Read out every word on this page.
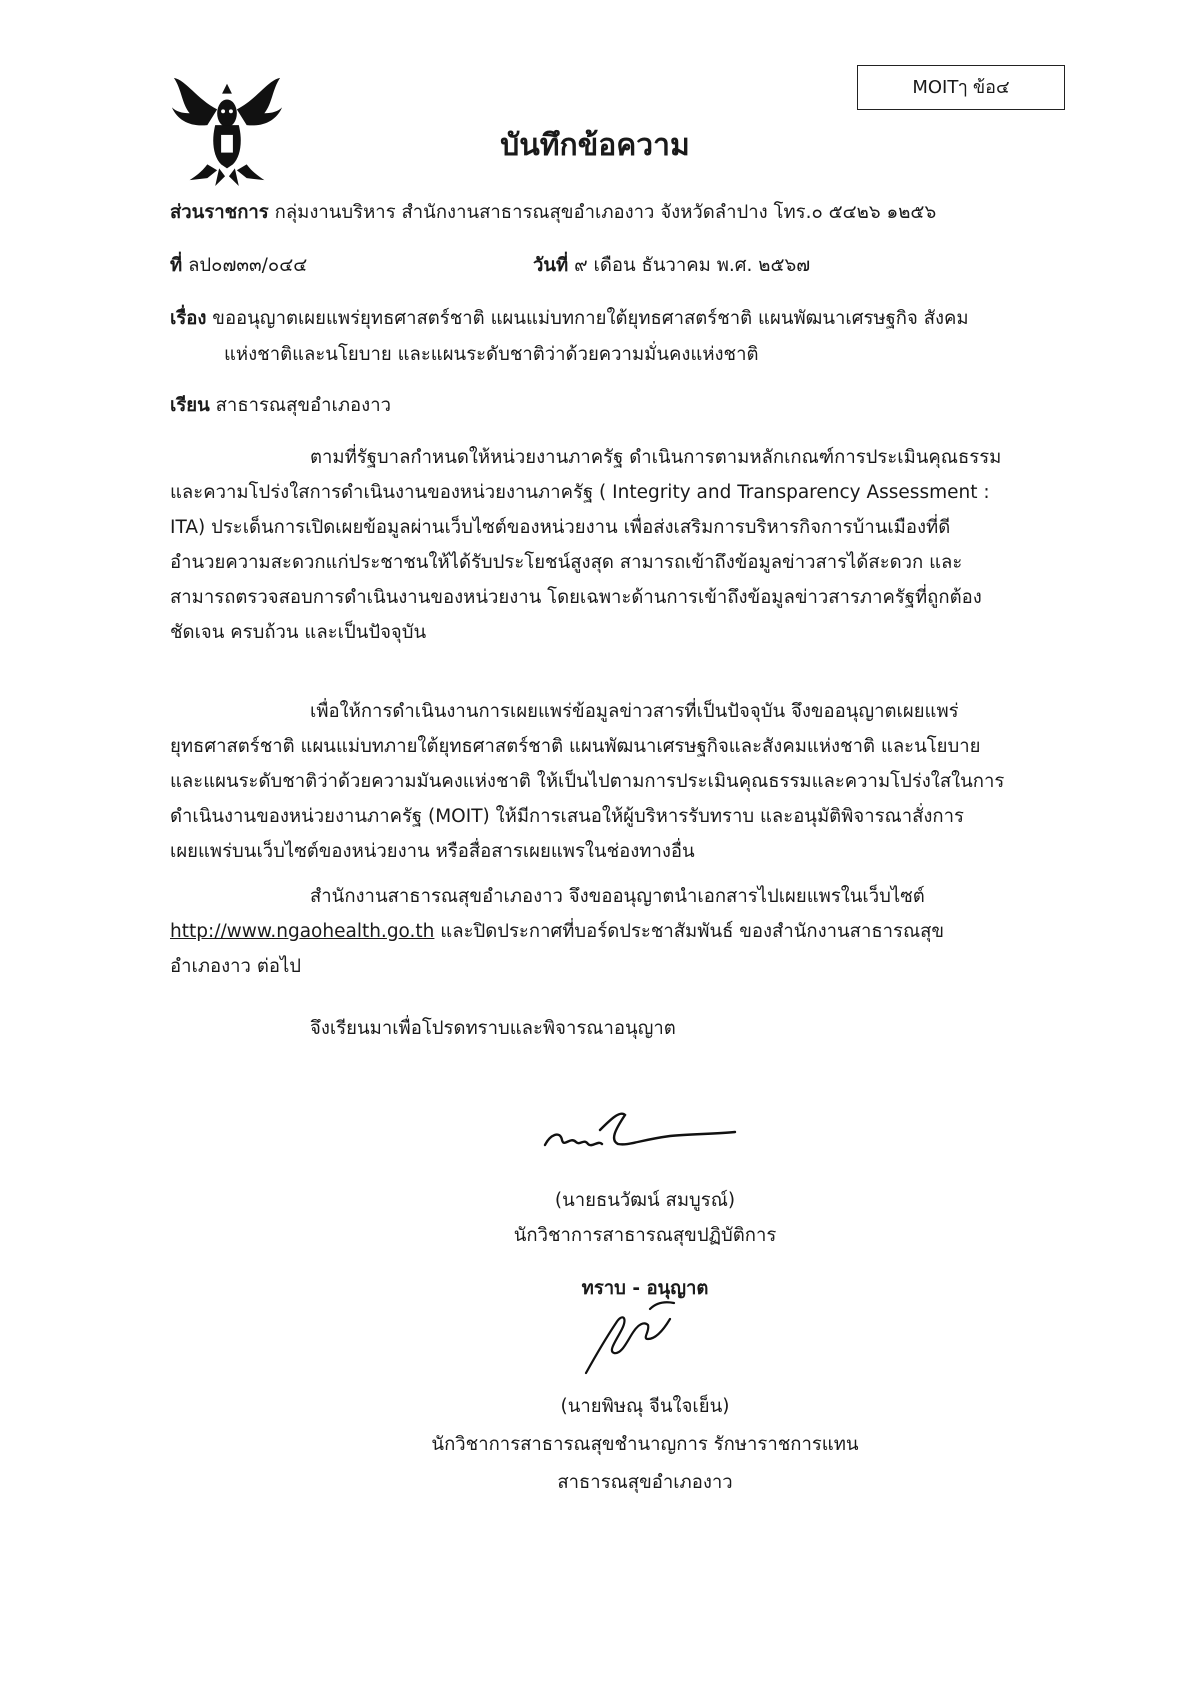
MOITๅ ข้อ๔
บันทึกข้อความ
ส่วนราชการ กลุ่มงานบริหาร สำนักงานสาธารณสุขอำเภองาว จังหวัดลำปาง โทร.๐ ๕๔๒๖ ๑๒๕๖
ที่ ลป๐๗๓๓/๐๔๔	วันที่ ๙ เดือน ธันวาคม พ.ศ. ๒๕๖๗
เรื่อง ขออนุญาตเผยแพร่ยุทธศาสตร์ชาติ แผนแม่บทกายใต้ยุทธศาสตร์ชาติ แผนพัฒนาเศรษฐกิจ สังคม
แห่งชาติและนโยบาย และแผนระดับชาติว่าด้วยความมั่นคงแห่งชาติ
เรียน สาธารณสุขอำเภองาว
ตามที่รัฐบาลกำหนดให้หน่วยงานภาครัฐ ดำเนินการตามหลักเกณฑ์การประเมินคุณธรรม
และความโปร่งใสการดำเนินงานของหน่วยงานภาครัฐ ( Integrity and Transparency Assessment :
ITA) ประเด็นการเปิดเผยข้อมูลผ่านเว็บไซต์ของหน่วยงาน เพื่อส่งเสริมการบริหารกิจการบ้านเมืองที่ดี
อำนวยความสะดวกแก่ประชาชนให้ได้รับประโยชน์สูงสุด สามารถเข้าถึงข้อมูลข่าวสารได้สะดวก และ
สามารถตรวจสอบการดำเนินงานของหน่วยงาน โดยเฉพาะด้านการเข้าถึงข้อมูลข่าวสารภาครัฐที่ถูกต้อง
ชัดเจน ครบถ้วน และเป็นปัจจุบัน
เพื่อให้การดำเนินงานการเผยแพร่ข้อมูลข่าวสารที่เป็นปัจจุบัน จึงขออนุญาตเผยแพร่
ยุทธศาสตร์ชาติ แผนแม่บทภายใต้ยุทธศาสตร์ชาติ แผนพัฒนาเศรษฐกิจและสังคมแห่งชาติ และนโยบาย
และแผนระดับชาติว่าด้วยความมันคงแห่งชาติ ให้เป็นไปตามการประเมินคุณธรรมและความโปร่งใสในการ
ดำเนินงานของหน่วยงานภาครัฐ (MOIT) ให้มีการเสนอให้ผู้บริหารรับทราบ และอนุมัติพิจารณาสั่งการ
เผยแพร่บนเว็บไซต์ของหน่วยงาน หรือสื่อสารเผยแพรในช่องทางอื่น
สำนักงานสาธารณสุขอำเภองาว จึงขออนุญาตนำเอกสารไปเผยแพรในเว็บไซต์
http://www.ngaohealth.go.th และปิดประกาศที่บอร์ดประชาสัมพันธ์ ของสำนักงานสาธารณสุข
อำเภองาว ต่อไป
จึงเรียนมาเพื่อโปรดทราบและพิจารณาอนุญาต
(นายธนวัฒน์ สมบูรณ์)
นักวิชาการสาธารณสุขปฏิบัติการ
ทราบ - อนุญาต
(นายพิษณุ จีนใจเย็น)
นักวิชาการสาธารณสุขชำนาญการ รักษาราชการแทน
สาธารณสุขอำเภองาว
